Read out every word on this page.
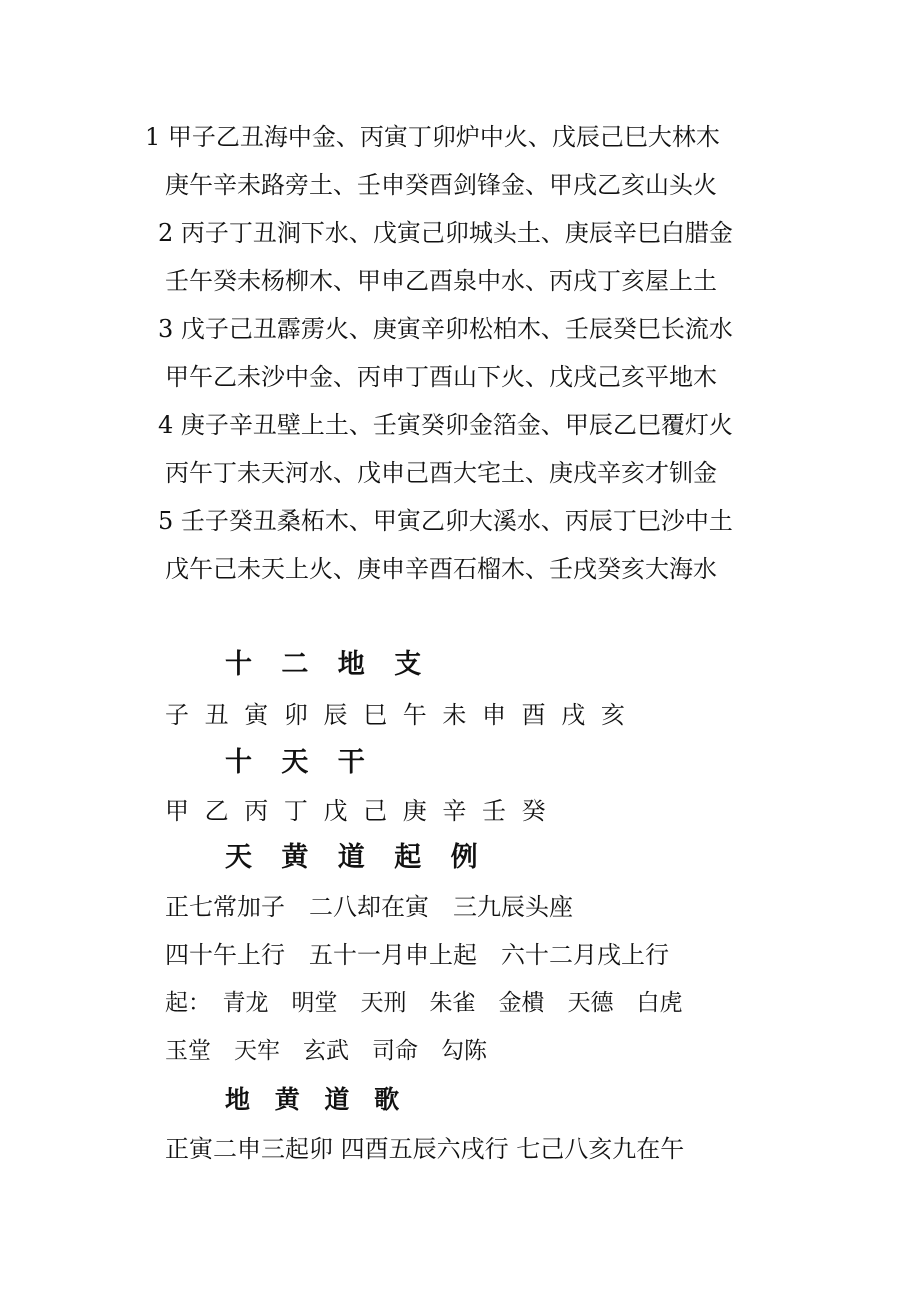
1 甲子乙丑海中金、丙寅丁卯炉中火、戊辰己巳大林木
庚午辛未路旁土、壬申癸酉剑锋金、甲戌乙亥山头火
2 丙子丁丑涧下水、戊寅己卯城头土、庚辰辛巳白腊金
壬午癸未杨柳木、甲申乙酉泉中水、丙戌丁亥屋上土
3 戊子己丑霹雳火、庚寅辛卯松柏木、壬辰癸巳长流水
甲午乙未沙中金、丙申丁酉山下火、戊戌己亥平地木
4 庚子辛丑壁上土、壬寅癸卯金箔金、甲辰乙巳覆灯火
丙午丁未天河水、戊申己酉大宅土、庚戌辛亥才钏金
5 壬子癸丑桑柘木、甲寅乙卯大溪水、丙辰丁巳沙中土
戊午己未天上火、庚申辛酉石榴木、壬戌癸亥大海水
十 二 地 支
子 丑 寅 卯 辰 巳 午 未 申 酉 戌 亥
十 天 干
甲 乙 丙 丁 戊 己 庚 辛 壬 癸
天 黄 道 起 例
正七常加子　二八却在寅　三九辰头座
四十午上行　五十一月申上起　六十二月戌上行
起：　青龙　明堂　天刑　朱雀　金樻　天德　白虎
玉堂　天牢　玄武　司命　勾陈
地 黄 道 歌
正寅二申三起卯 四酉五辰六戌行 七己八亥九在午
